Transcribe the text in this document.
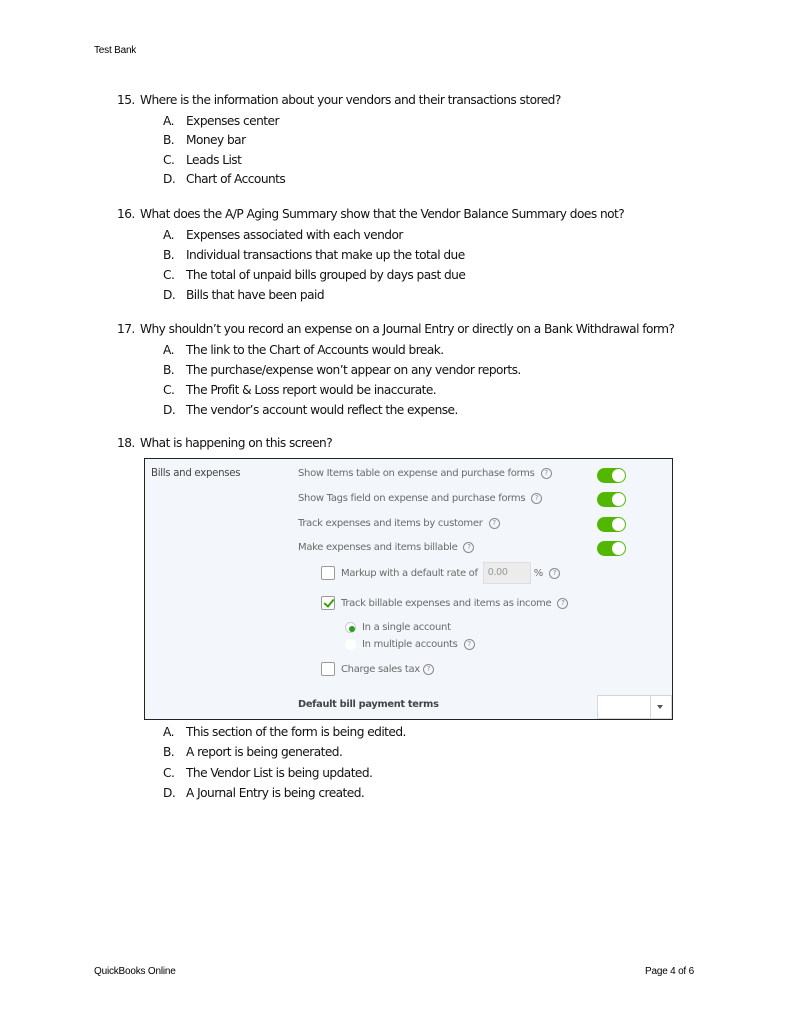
Test Bank
15. Where is the information about your vendors and their transactions stored?
A. Expenses center
B. Money bar
C. Leads List
D. Chart of Accounts
16. What does the A/P Aging Summary show that the Vendor Balance Summary does not?
A. Expenses associated with each vendor
B. Individual transactions that make up the total due
C. The total of unpaid bills grouped by days past due
D. Bills that have been paid
17. Why shouldn’t you record an expense on a Journal Entry or directly on a Bank Withdrawal form?
A. The link to the Chart of Accounts would break.
B. The purchase/expense won’t appear on any vendor reports.
C. The Profit & Loss report would be inaccurate.
D. The vendor’s account would reflect the expense.
18. What is happening on this screen?
Bills and expenses	Show Items table on expense and purchase forms	?
Show Tags field on expense and purchase forms	?
Track expenses and items by customer	?
Make expenses and items billable	?
Markup with a default rate of	0.00	%	?
Track billable expenses and items as income	?
In a single account
In multiple accounts	?
Charge sales tax ?
Default bill payment terms
A. This section of the form is being edited.
B. A report is being generated.
C. The Vendor List is being updated.
D. A Journal Entry is being created.
QuickBooks Online	Page 4 of 6
